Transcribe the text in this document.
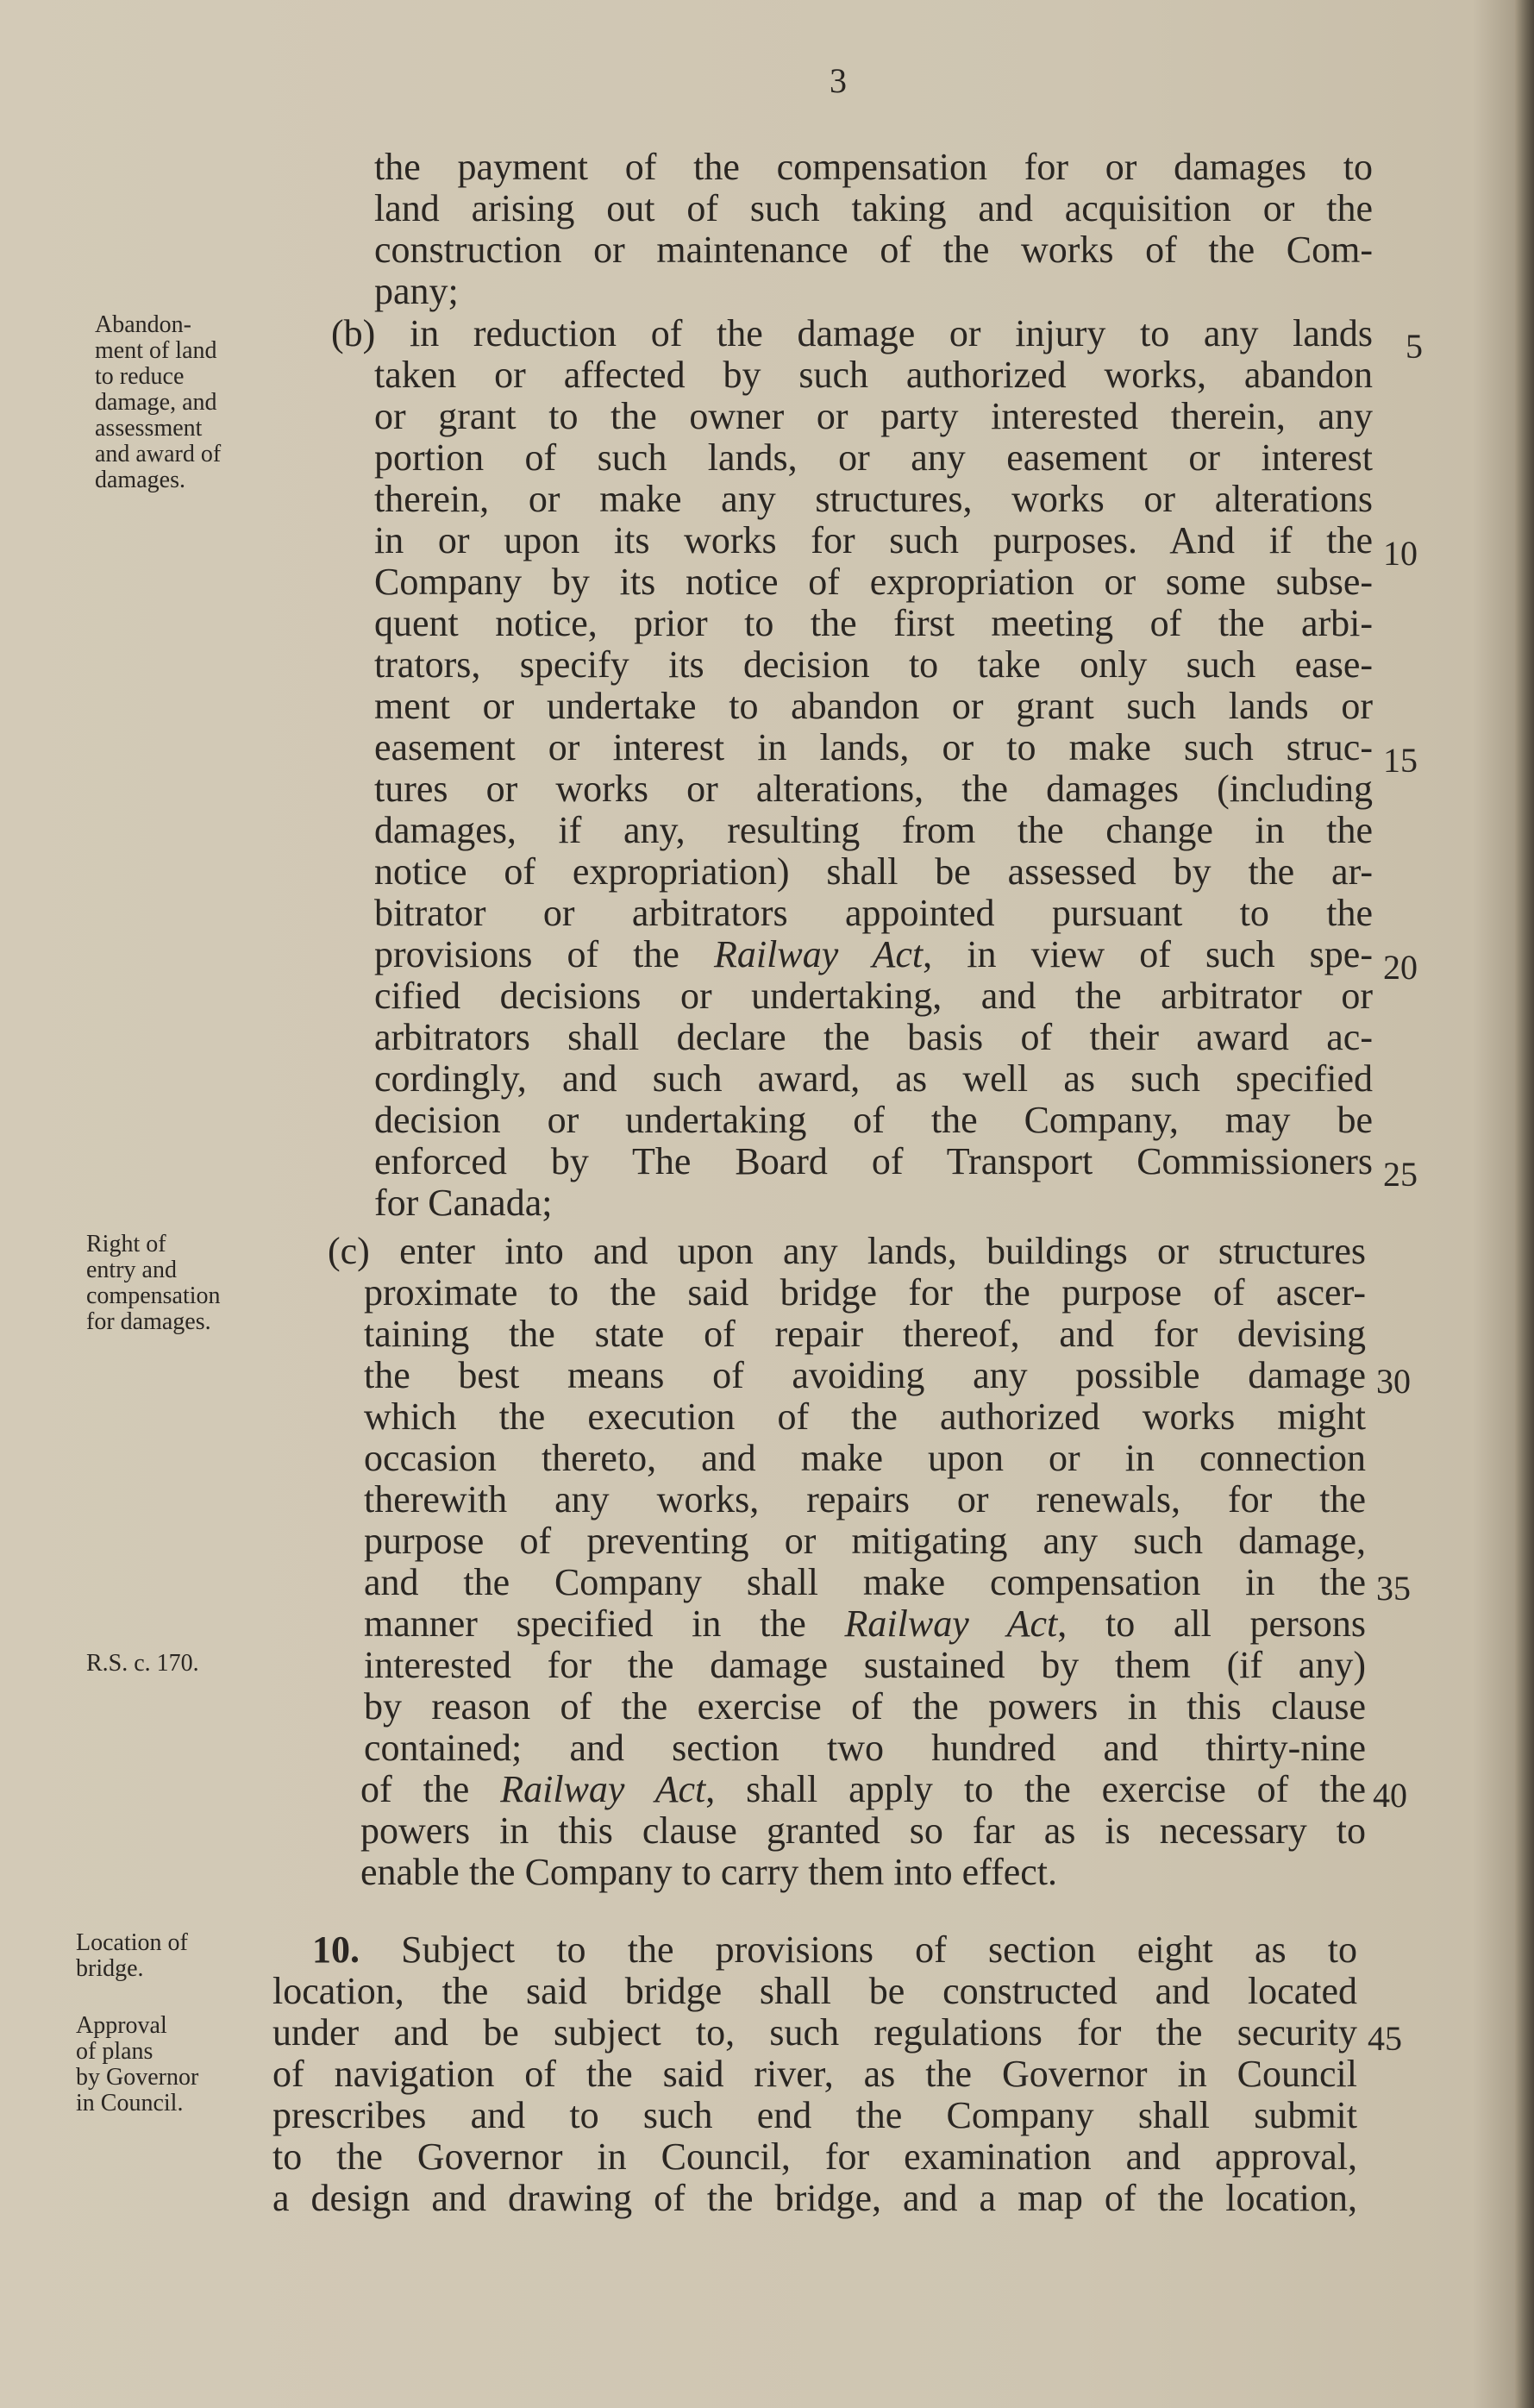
3
Abandon-
ment of land
to reduce
damage, and
assessment
and award of
damages.
Right of
entry and
compensation
for damages.
R.S. c. 170.
Location of
bridge.
Approval
of plans
by Governor
in Council.
the payment of the compensation for or damages to
land arising out of such taking and acquisition or the
construction or maintenance of the works of the Com-
pany;
(b) in reduction of the damage or injury to any lands
taken or affected by such authorized works, abandon
or grant to the owner or party interested therein, any
portion of such lands, or any easement or interest
therein, or make any structures, works or alterations
in or upon its works for such purposes. And if the
Company by its notice of expropriation or some subse-
quent notice, prior to the first meeting of the arbi-
trators, specify its decision to take only such ease-
ment or undertake to abandon or grant such lands or
easement or interest in lands, or to make such struc-
tures or works or alterations, the damages (including
damages, if any, resulting from the change in the
notice of expropriation) shall be assessed by the ar-
bitrator or arbitrators appointed pursuant to the
provisions of the Railway Act, in view of such spe-
cified decisions or undertaking, and the arbitrator or
arbitrators shall declare the basis of their award ac-
cordingly, and such award, as well as such specified
decision or undertaking of the Company, may be
enforced by The Board of Transport Commissioners
for Canada;
(c) enter into and upon any lands, buildings or structures
proximate to the said bridge for the purpose of ascer-
taining the state of repair thereof, and for devising
the best means of avoiding any possible damage
which the execution of the authorized works might
occasion thereto, and make upon or in connection
therewith any works, repairs or renewals, for the
purpose of preventing or mitigating any such damage,
and the Company shall make compensation in the
manner specified in the Railway Act, to all persons
interested for the damage sustained by them (if any)
by reason of the exercise of the powers in this clause
contained; and section two hundred and thirty-nine
of the Railway Act, shall apply to the exercise of the
powers in this clause granted so far as is necessary to
enable the Company to carry them into effect.
10. Subject to the provisions of section eight as to
location, the said bridge shall be constructed and located
under and be subject to, such regulations for the security
of navigation of the said river, as the Governor in Council
prescribes and to such end the Company shall submit
to the Governor in Council, for examination and approval,
a design and drawing of the bridge, and a map of the location,
5
10
15
20
25
30
35
40
45
